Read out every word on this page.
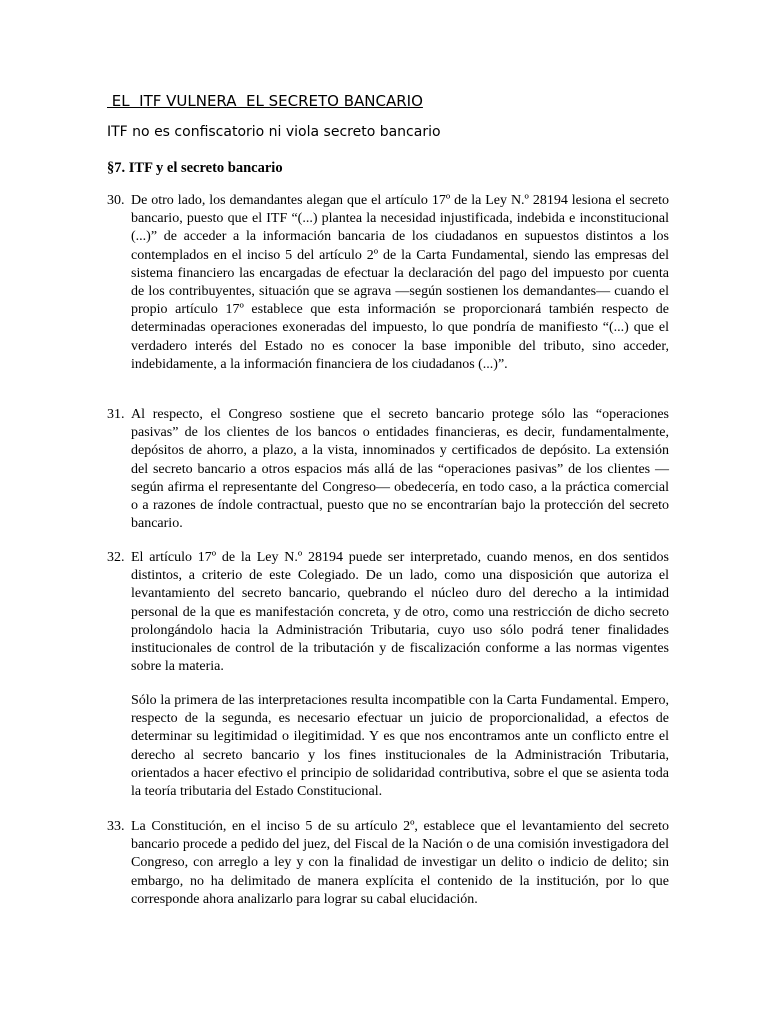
EL  ITF VULNERA  EL SECRETO BANCARIO
ITF no es confiscatorio ni viola secreto bancario
§7. ITF y el secreto bancario
30. De otro lado, los demandantes alegan que el artículo 17º de la Ley N.º 28194 lesiona el secreto bancario, puesto que el ITF “(...) plantea la necesidad injustificada, indebida e inconstitucional (...)” de acceder a la información bancaria de los ciudadanos en supuestos distintos a los contemplados en el inciso 5 del artículo 2º de la Carta Fundamental, siendo las empresas del sistema financiero las encargadas de efectuar la declaración del pago del impuesto por cuenta de los contribuyentes, situación que se agrava —según sostienen los demandantes— cuando el propio artículo 17º establece que esta información se proporcionará también respecto de determinadas operaciones exoneradas del impuesto, lo que pondría de manifiesto “(...) que el verdadero interés del Estado no es conocer la base imponible del tributo, sino acceder, indebidamente, a la información financiera de los ciudadanos (...)”.
31. Al respecto, el Congreso sostiene que el secreto bancario protege sólo las “operaciones pasivas” de los clientes de los bancos o entidades financieras, es decir, fundamentalmente, depósitos de ahorro, a plazo, a la vista, innominados y certificados de depósito. La extensión del secreto bancario a otros espacios más allá de las “operaciones pasivas” de los clientes —según afirma el representante del Congreso— obedecería, en todo caso, a la práctica comercial o a razones de índole contractual, puesto que no se encontrarían bajo la protección del secreto bancario.
32. El artículo 17º de la Ley N.º 28194 puede ser interpretado, cuando menos, en dos sentidos distintos, a criterio de este Colegiado. De un lado, como una disposición que autoriza el levantamiento del secreto bancario, quebrando el núcleo duro del derecho a la intimidad personal de la que es manifestación concreta, y de otro, como una restricción de dicho secreto prolongándolo hacia la Administración Tributaria, cuyo uso sólo podrá tener finalidades institucionales de control de la tributación y de fiscalización conforme a las normas vigentes sobre la materia.
Sólo la primera de las interpretaciones resulta incompatible con la Carta Fundamental. Empero, respecto de la segunda, es necesario efectuar un juicio de proporcionalidad, a efectos de determinar su legitimidad o ilegitimidad. Y es que nos encontramos ante un conflicto entre el derecho al secreto bancario y los fines institucionales de la Administración Tributaria, orientados a hacer efectivo el principio de solidaridad contributiva, sobre el que se asienta toda la teoría tributaria del Estado Constitucional.
33. La Constitución, en el inciso 5 de su artículo 2º, establece que el levantamiento del secreto bancario procede a pedido del juez, del Fiscal de la Nación o de una comisión investigadora del Congreso, con arreglo a ley y con la finalidad de investigar un delito o indicio de delito; sin embargo, no ha delimitado de manera explícita el contenido de la institución, por lo que corresponde ahora analizarlo para lograr su cabal elucidación.
